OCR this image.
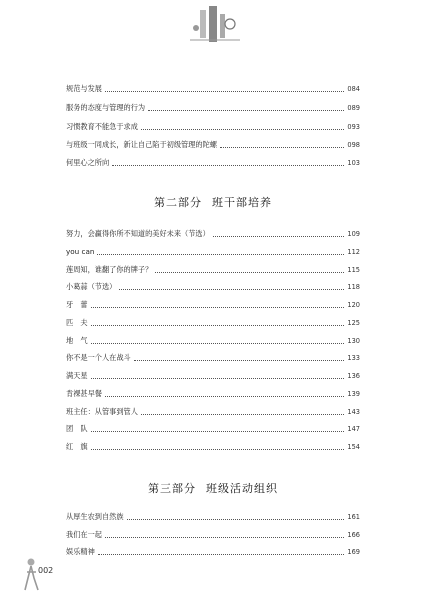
规范与发展	084
服务的态度与管理的行为	089
习惯教育不能急于求成	093
与班级一同成长，新让自己陷于初级管理的陀螺	098
何里心之所向	103
第二部分 班干部培养
努力，会赢得你所不知道的美好未来（节选）	109
you can	112
莲周知，谁翻了你的牌子？	115
小葛蒜（节选）	118
牙　蕾	120
匹　夫	125
地　气	130
你不是一个人在战斗	133
满天星	136
肯裸甚早餐	139
班主任：从管事到管人	143
团　队	147
红　旗	154
第三部分 班级活动组织
从厚生农到自然族	161
我们在一起	166
娱乐精神	169
002
